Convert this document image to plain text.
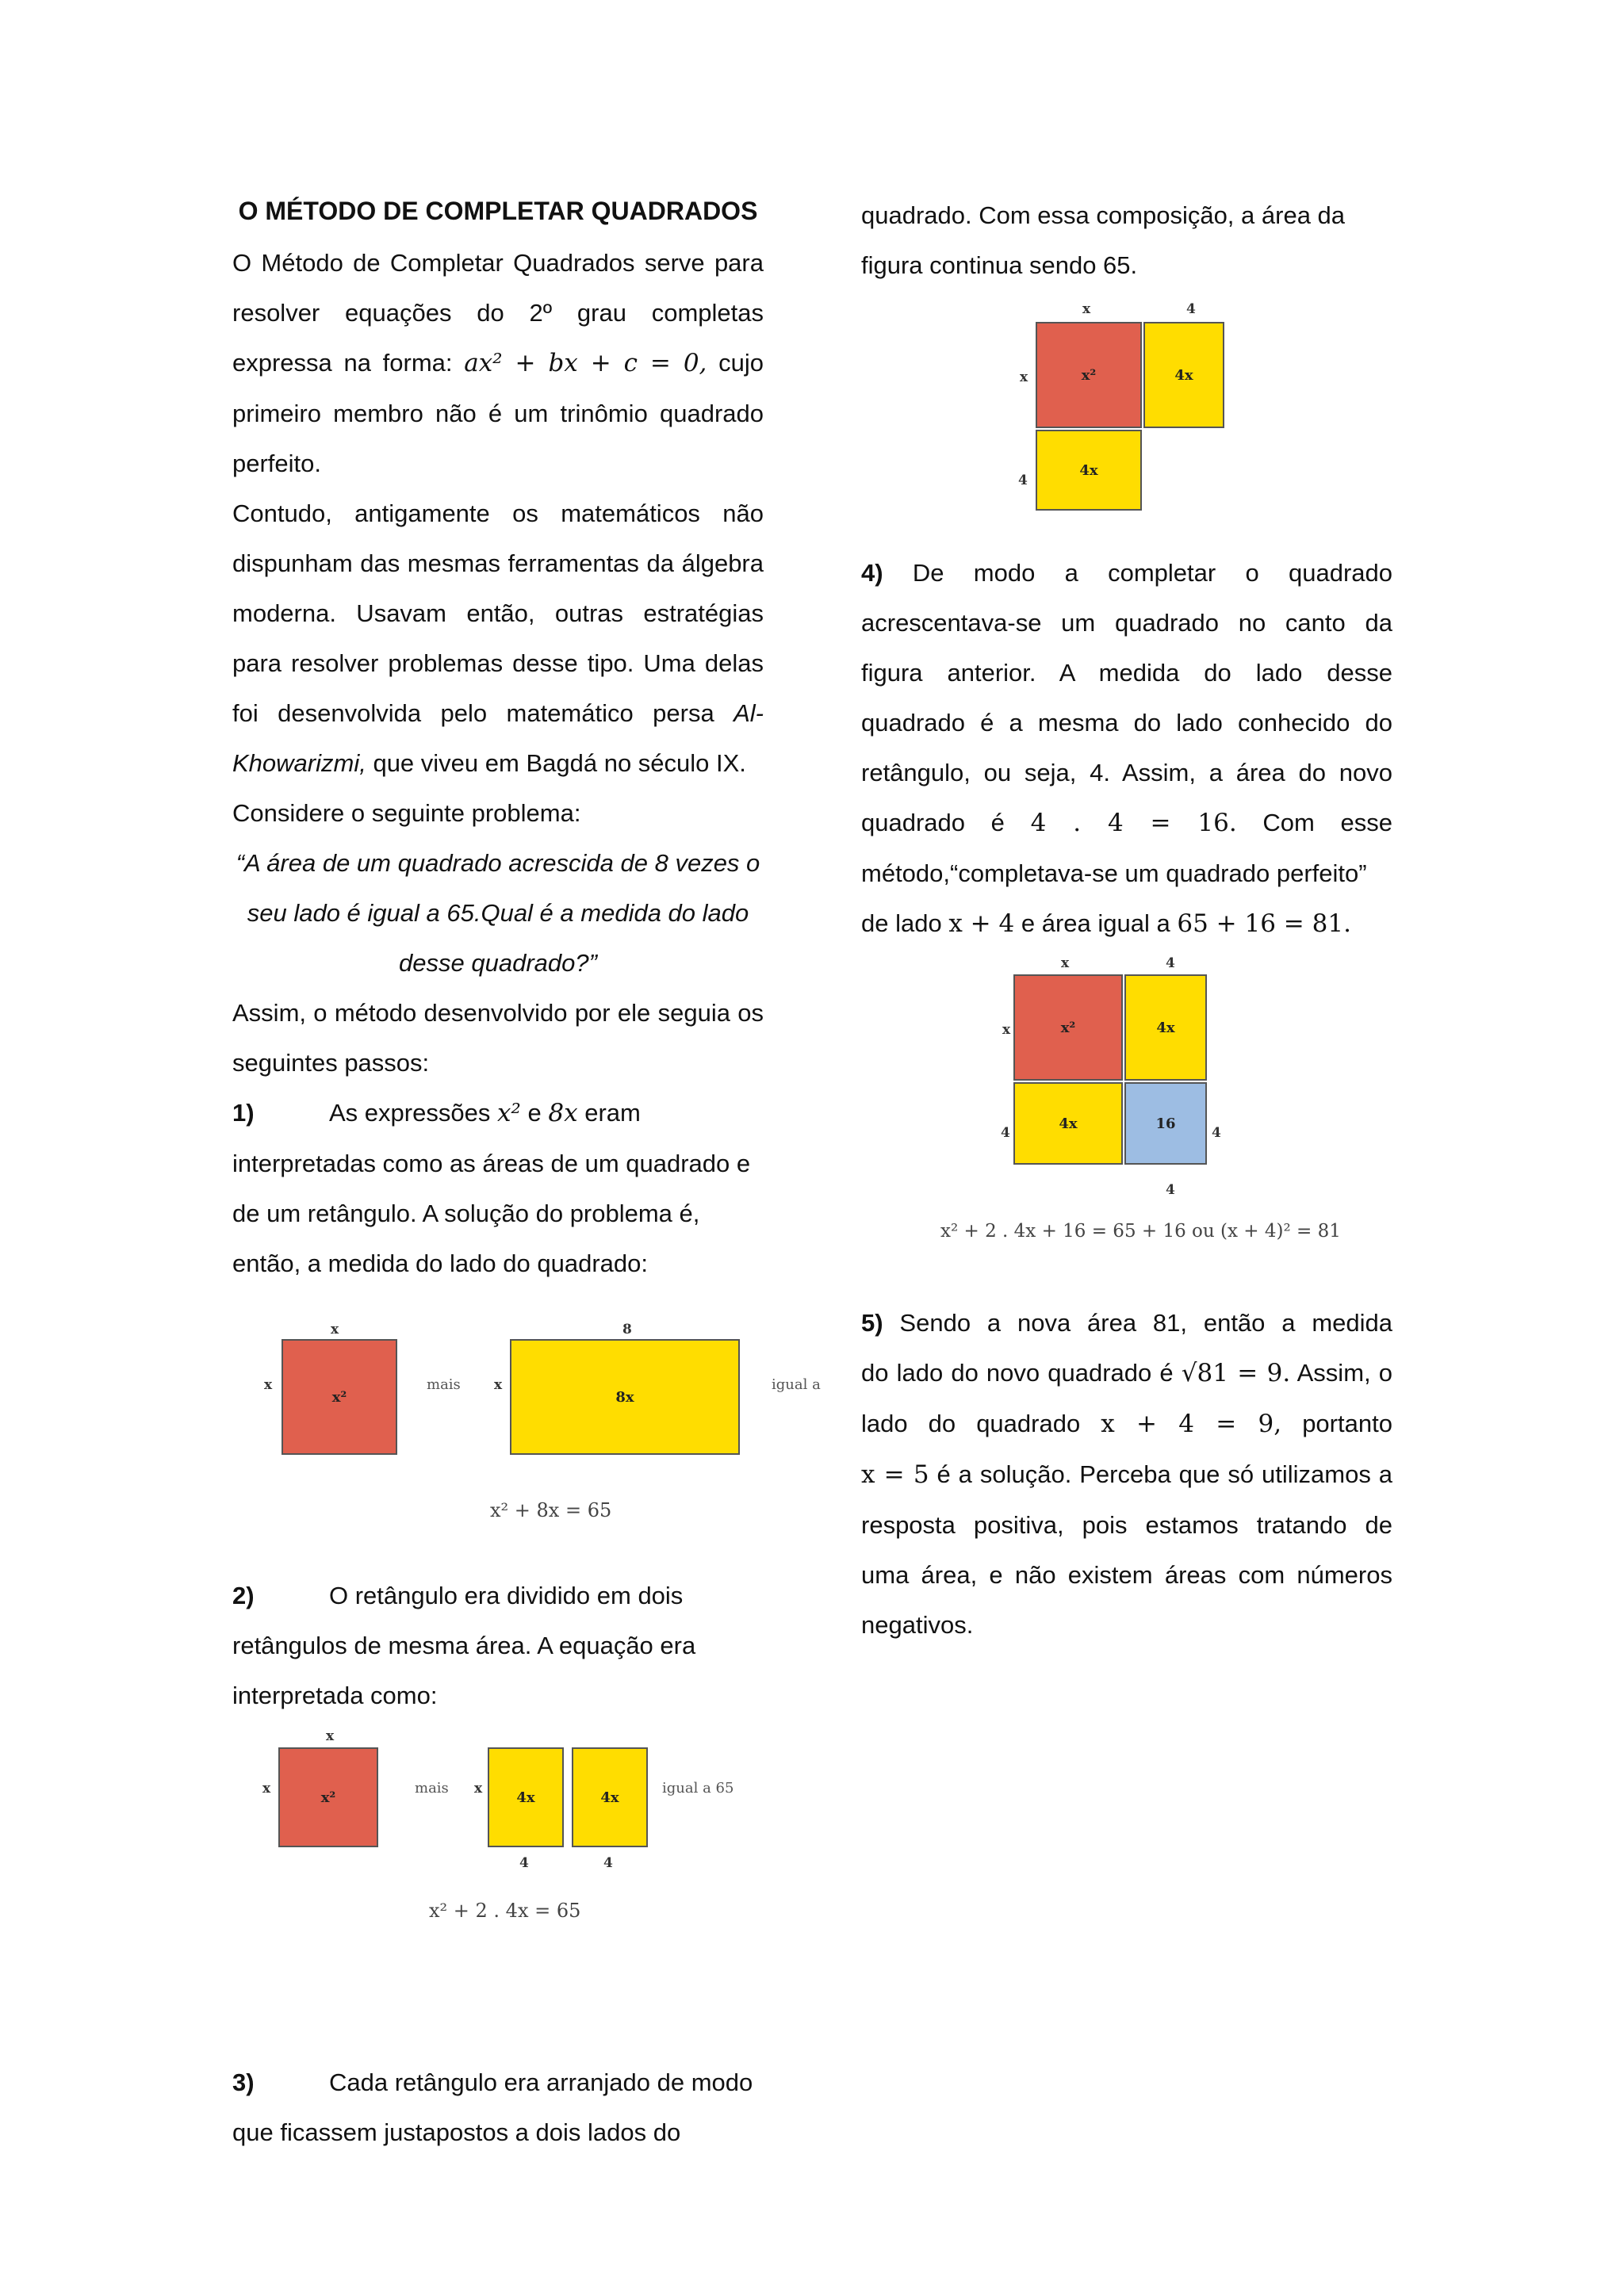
O MÉTODO DE COMPLETAR QUADRADOS
O Método de Completar Quadrados serve para
resolver equações do 2º grau completas
expressa na forma: ax² + bx + c = 0, cujo
primeiro membro não é um trinômio quadrado
perfeito.
Contudo, antigamente os matemáticos não
dispunham das mesmas ferramentas da álgebra
moderna. Usavam então, outras estratégias
para resolver problemas desse tipo. Uma delas
foi desenvolvida pelo matemático persa Al-
Khowarizmi, que viveu em Bagdá no século IX.
Considere o seguinte problema:
“A área de um quadrado acrescida de 8 vezes o
seu lado é igual a 65.Qual é a medida do lado
desse quadrado?”
Assim, o método desenvolvido por ele seguia os
seguintes passos:
1)	As expressões x² e 8x eram
interpretadas como as áreas de um quadrado e
de um retângulo. A solução do problema é,
então, a medida do lado do quadrado:
x
x
x²
mais
8
x
8x
igual a
x² + 8x = 65
2)	O retângulo era dividido em dois
retângulos de mesma área. A equação era
interpretada como:
x
x
x²
mais x
4x	4x
4	4
igual a 65
x² + 2 . 4x = 65
3)	Cada retângulo era arranjado de modo
que ficassem justapostos a dois lados do
quadrado. Com essa composição, a área da
figura continua sendo 65.
x	4
x
4
x²	4x
4x
4) De modo a completar o quadrado
acrescentava-se um quadrado no canto da
figura anterior. A medida do lado desse
quadrado é a mesma do lado conhecido do
retângulo, ou seja, 4. Assim, a área do novo
quadrado é 4 . 4 = 16. Com esse
método,“completava-se um quadrado perfeito”
de lado x + 4 e área igual a 65 + 16 = 81.
x	4
x
4	4
4
x²	4x
4x	16
x² + 2 . 4x + 16 = 65 + 16 ou (x + 4)² = 81
5) Sendo a nova área 81, então a medida
do lado do novo quadrado é √81 = 9. Assim, o
lado do quadrado x + 4 = 9, portanto
x = 5 é a solução. Perceba que só utilizamos a
resposta positiva, pois estamos tratando de
uma área, e não existem áreas com números
negativos.
